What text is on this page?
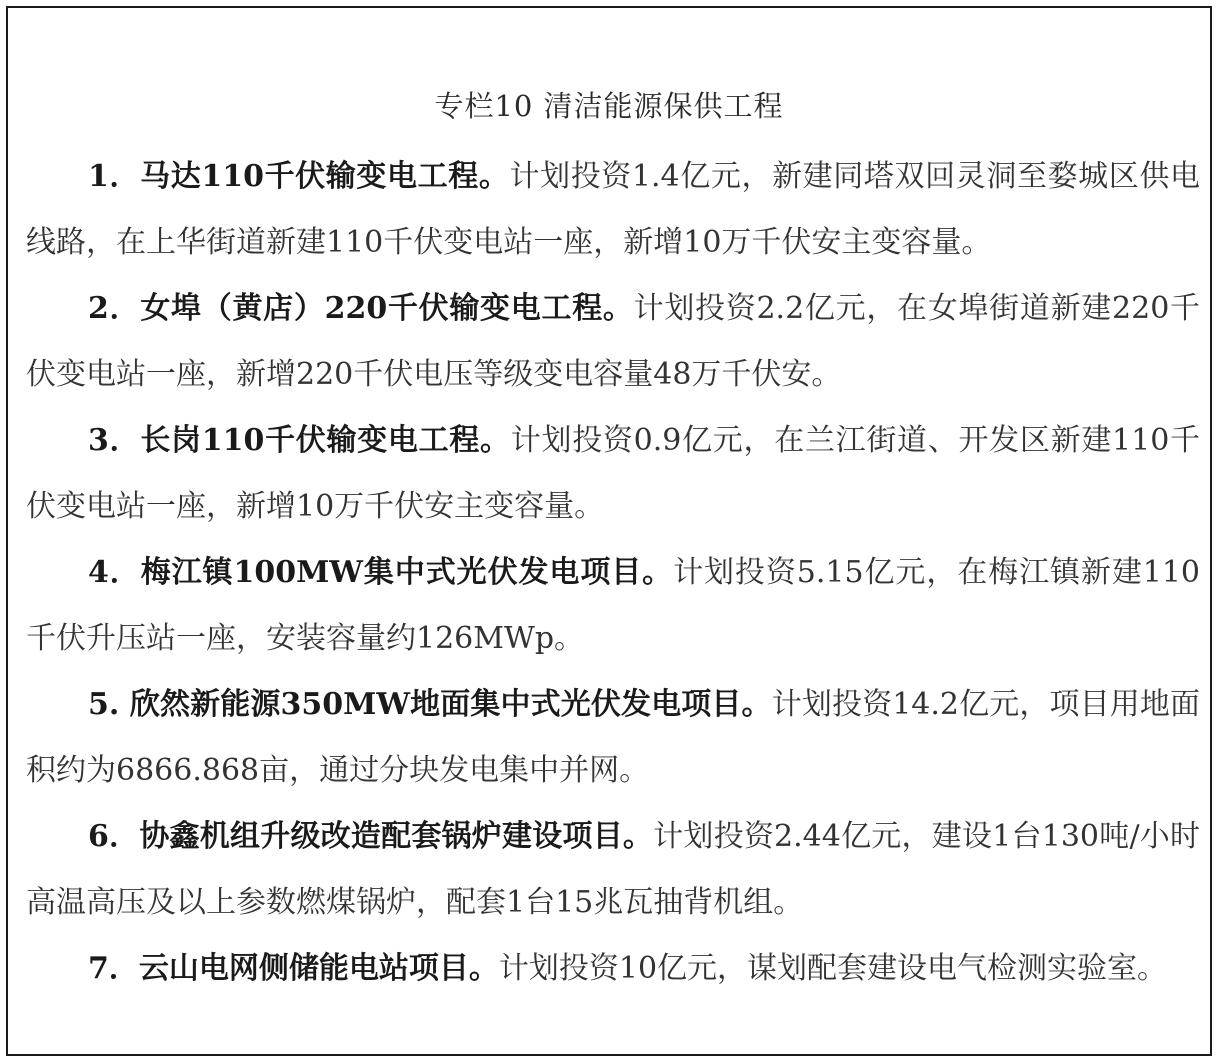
专栏10 清洁能源保供工程

1．马达110千伏输变电工程。计划投资1.4亿元，新建同塔双回灵洞至婺城区供电线路，在上华街道新建110千伏变电站一座，新增10万千伏安主变容量。

2．女埠（黄店）220千伏输变电工程。计划投资2.2亿元，在女埠街道新建220千伏变电站一座，新增220千伏电压等级变电容量48万千伏安。

3．长岗110千伏输变电工程。计划投资0.9亿元，在兰江街道、开发区新建110千伏变电站一座，新增10万千伏安主变容量。

4．梅江镇100MW集中式光伏发电项目。计划投资5.15亿元，在梅江镇新建110千伏升压站一座，安装容量约126MWp。

5. 欣然新能源350MW地面集中式光伏发电项目。计划投资14.2亿元，项目用地面积约为6866.868亩，通过分块发电集中并网。

6．协鑫机组升级改造配套锅炉建设项目。计划投资2.44亿元，建设1台130吨/小时高温高压及以上参数燃煤锅炉，配套1台15兆瓦抽背机组。

7．云山电网侧储能电站项目。计划投资10亿元，谋划配套建设电气检测实验室。
